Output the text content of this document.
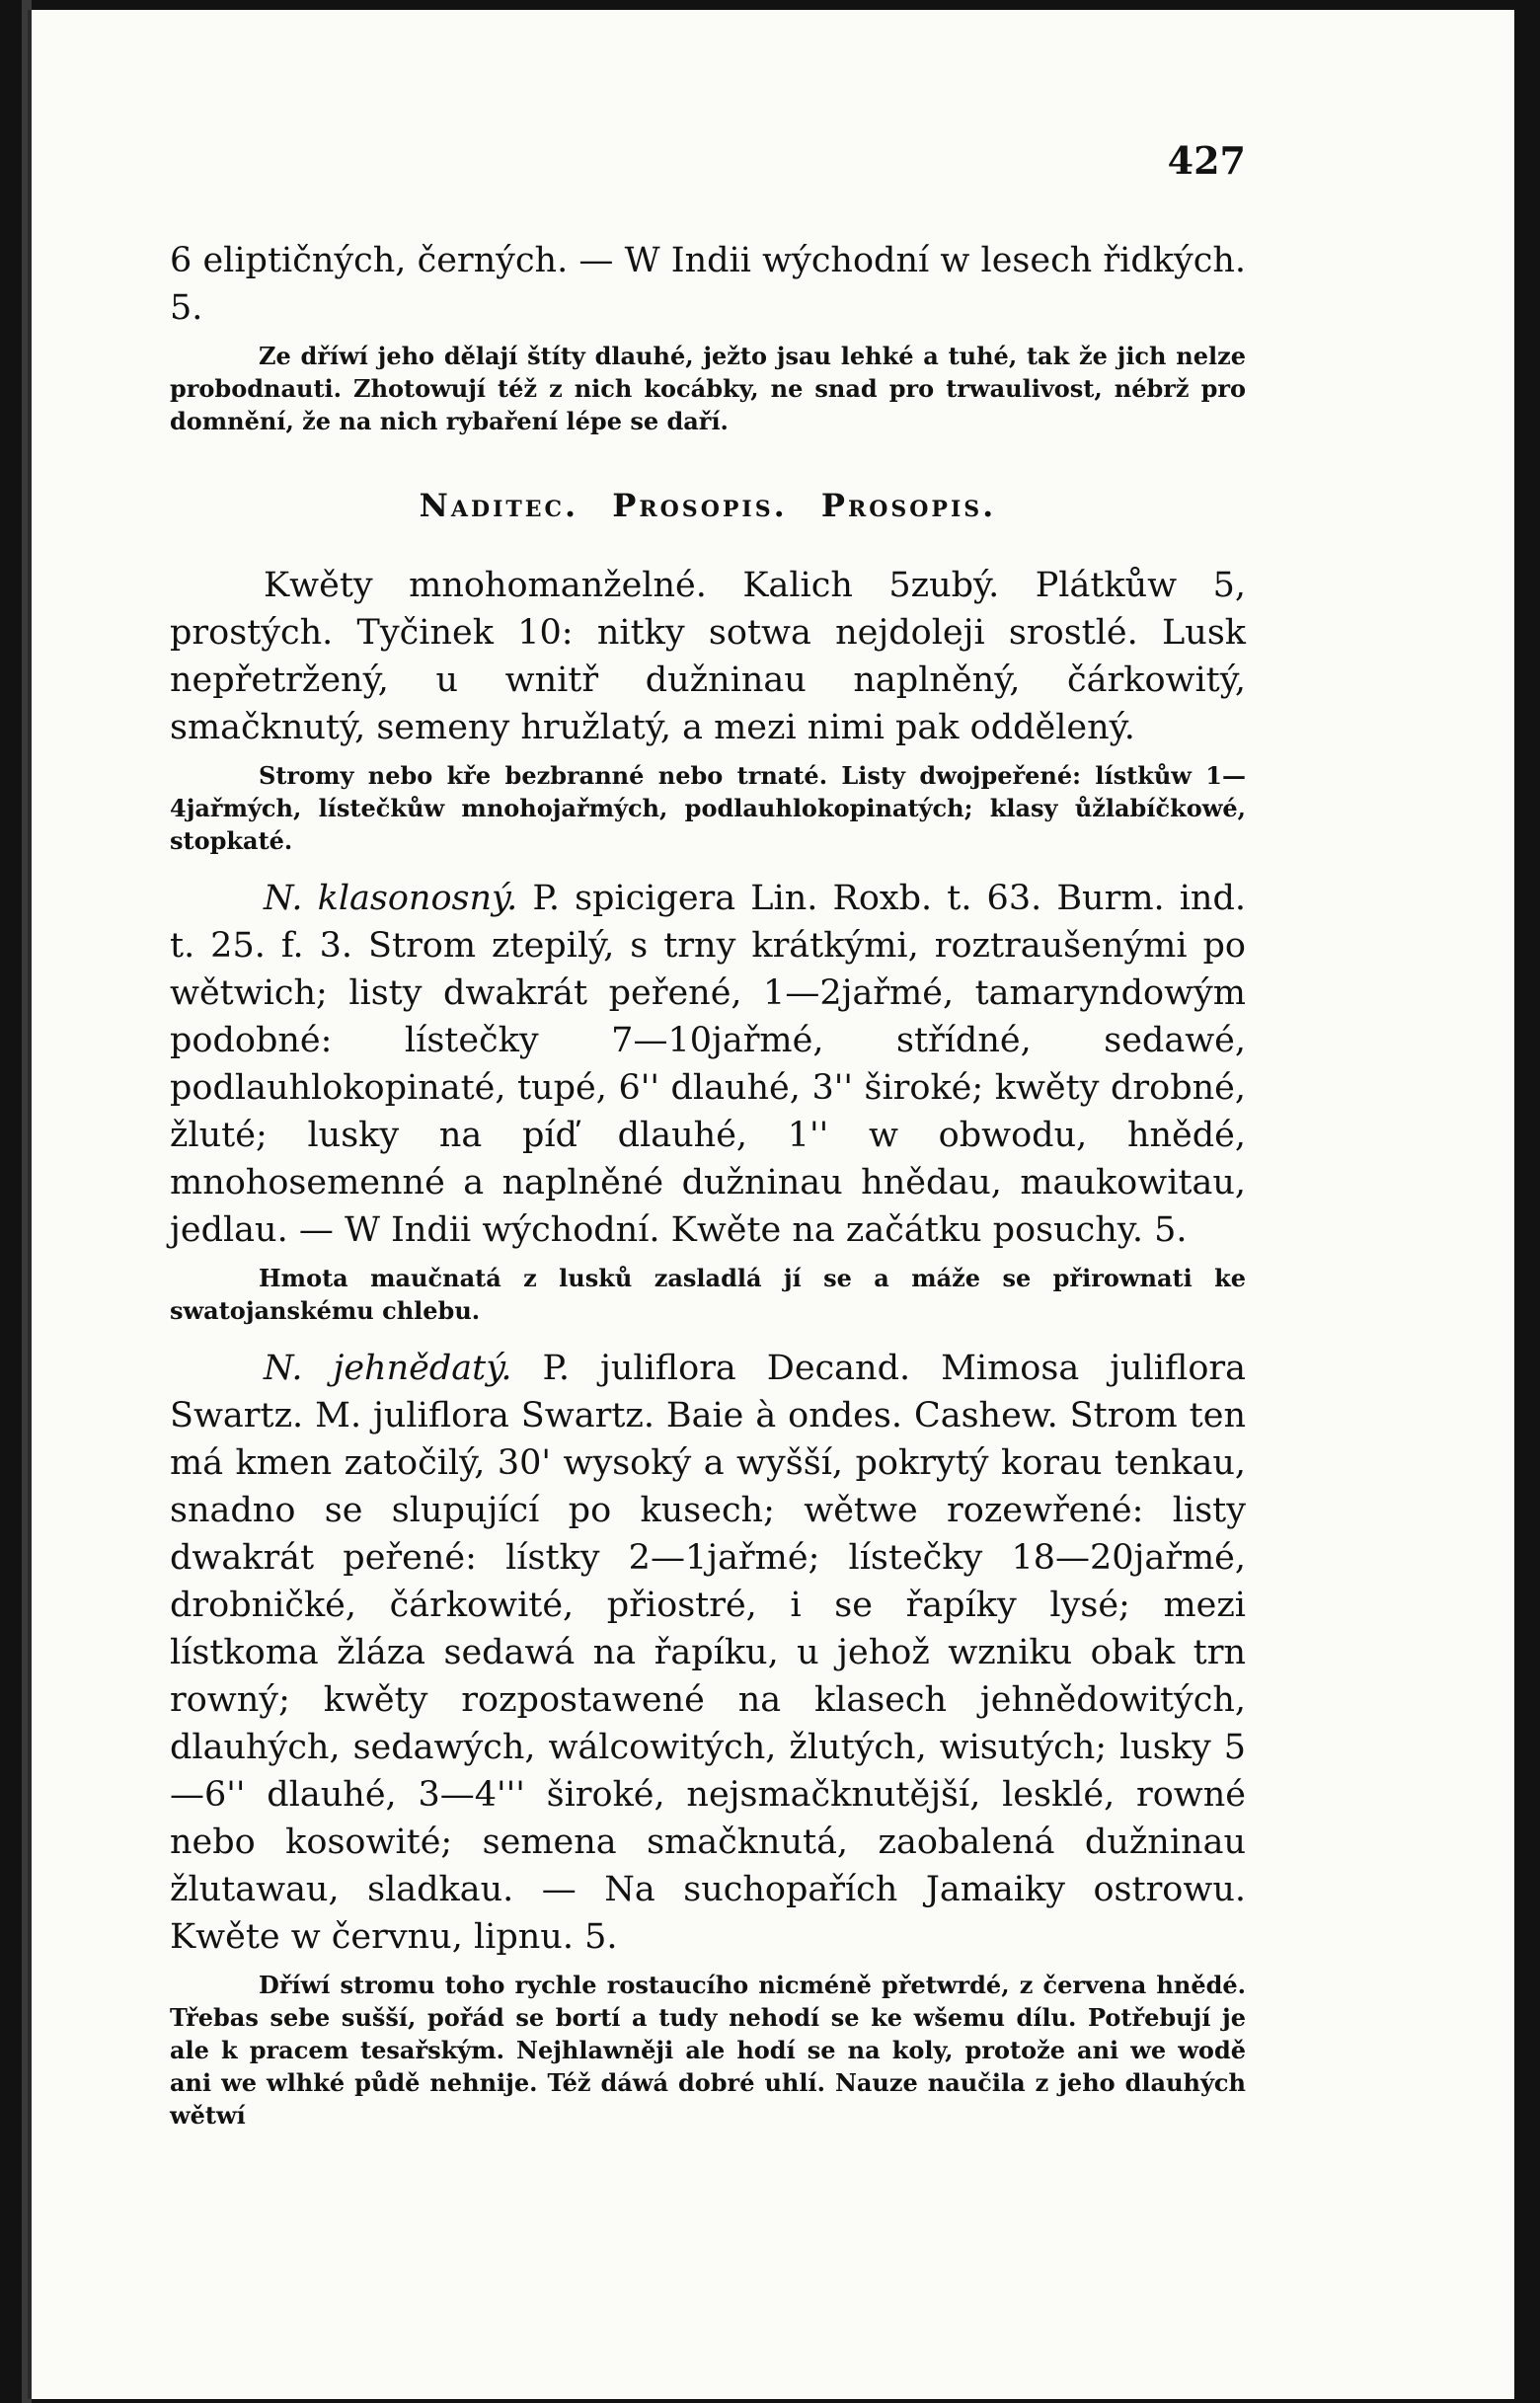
427

6 eliptičných, černých. — W Indii wýchodní w lesech řidkých. 5.

Ze dříwí jeho dělají štíty dlauhé, ježto jsau lehké a tuhé, tak že jich nelze probodnauti. Zhotowují též z nich kocábky, ne snad pro trwaulivost, nébrž pro domnění, že na nich rybaření lépe se daří.

Naditec. Prosopis. Prosopis.

Kwěty mnohomanželné. Kalich 5zubý. Plátkůw 5, prostých. Tyčinek 10: nitky sotwa nejdoleji srostlé. Lusk nepřetržený, u wnitř dužninau naplněný, čárkowitý, smačknutý, semeny hružlatý, a mezi nimi pak oddělený.

Stromy nebo kře bezbranné nebo trnaté. Listy dwojpeřené: lístkůw 1—4jařmých, lístečkůw mnohojařmých, podlauhlokopinatých; klasy ůžlabíčkowé, stopkaté.

N. klasonosný. P. spicigera Lin. Roxb. t. 63. Burm. ind. t. 25. f. 3. Strom ztepilý, s trny krátkými, roztraušenými po wětwich; listy dwakrát peřené, 1—2jařmé, tamaryndowým podobné: lístečky 7—10jařmé, střídné, sedawé, podlauhlokopinaté, tupé, 6'' dlauhé, 3'' široké; kwěty drobné, žluté; lusky na píď dlauhé, 1'' w obwodu, hnědé, mnohosemenné a naplněné dužninau hnědau, maukowitau, jedlau. — W Indii wýchodní. Kwěte na začátku posuchy. 5.

Hmota maučnatá z lusků zasladlá jí se a máže se přirownati ke swatojanskému chlebu.

N. jehnědatý. P. juliflora Decand. Mimosa juliflora Swartz. M. juliflora Swartz. Baie à ondes. Cashew. Strom ten má kmen zatočilý, 30' wysoký a wyšší, pokrytý korau tenkau, snadno se slupující po kusech; wětwe rozewřené: listy dwakrát peřené: lístky 2—1jařmé; lístečky 18—20jařmé, drobničké, čárkowité, přiostré, i se řapíky lysé; mezi lístkoma žláza sedawá na řapíku, u jehož wzniku obak trn rowný; kwěty rozpostawené na klasech jehnědowitých, dlauhých, sedawých, wálcowitých, žlutých, wisutých; lusky 5—6'' dlauhé, 3—4''' široké, nejsmačknutější, lesklé, rowné nebo kosowité; semena smačknutá, zaobalená dužninau žlutawau, sladkau. — Na suchopařích Jamaiky ostrowu. Kwěte w červnu, lipnu. 5.

Dříwí stromu toho rychle rostaucího nicméně přetwrdé, z červena hnědé. Třebas sebe sušší, pořád se bortí a tudy nehodí se ke wšemu dílu. Potřebují je ale k pracem tesařským. Nejhlawněji ale hodí se na koly, protože ani we wodě ani we wlhké půdě nehnije. Též dáwá dobré uhlí. Nauze naučila z jeho dlauhých wětwí
